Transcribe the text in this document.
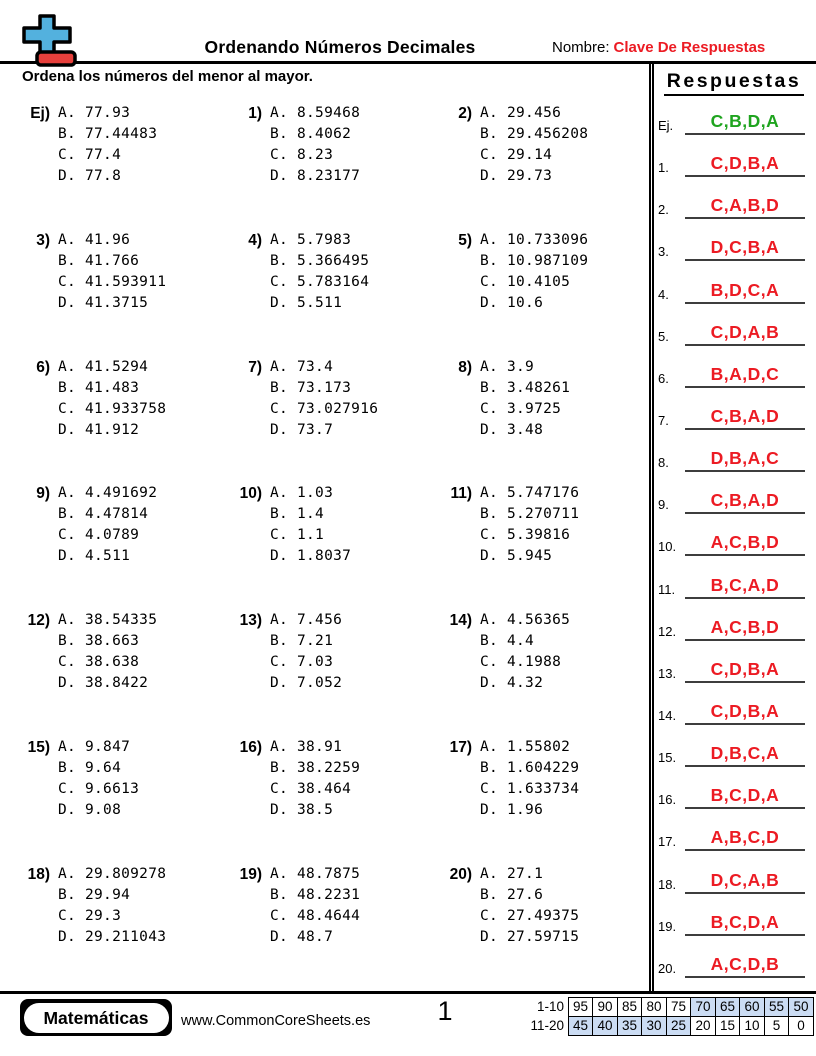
Ordenando Números Decimales	Nombre: Clave De Respuestas
Ordena los números del menor al mayor.
Ej) A. 77.93
B. 77.44483
C. 77.4
D. 77.8
1) A. 8.59468
B. 8.4062
C. 8.23
D. 8.23177
2) A. 29.456
B. 29.456208
C. 29.14
D. 29.73
3) A. 41.96
B. 41.766
C. 41.593911
D. 41.3715
4) A. 5.7983
B. 5.366495
C. 5.783164
D. 5.511
5) A. 10.733096
B. 10.987109
C. 10.4105
D. 10.6
6) A. 41.5294
B. 41.483
C. 41.933758
D. 41.912
7) A. 73.4
B. 73.173
C. 73.027916
D. 73.7
8) A. 3.9
B. 3.48261
C. 3.9725
D. 3.48
9) A. 4.491692
B. 4.47814
C. 4.0789
D. 4.511
10) A. 1.03
B. 1.4
C. 1.1
D. 1.8037
11) A. 5.747176
B. 5.270711
C. 5.39816
D. 5.945
12) A. 38.54335
B. 38.663
C. 38.638
D. 38.8422
13) A. 7.456
B. 7.21
C. 7.03
D. 7.052
14) A. 4.56365
B. 4.4
C. 4.1988
D. 4.32
15) A. 9.847
B. 9.64
C. 9.6613
D. 9.08
16) A. 38.91
B. 38.2259
C. 38.464
D. 38.5
17) A. 1.55802
B. 1.604229
C. 1.633734
D. 1.96
18) A. 29.809278
B. 29.94
C. 29.3
D. 29.211043
19) A. 48.7875
B. 48.2231
C. 48.4644
D. 48.7
20) A. 27.1
B. 27.6
C. 27.49375
D. 27.59715
Respuestas
Ej.	C,B,D,A
1.	C,D,B,A
2.	C,A,B,D
3.	D,C,B,A
4.	B,D,C,A
5.	C,D,A,B
6.	B,A,D,C
7.	C,B,A,D
8.	D,B,A,C
9.	C,B,A,D
10.	A,C,B,D
11.	B,C,A,D
12.	A,C,B,D
13.	C,D,B,A
14.	C,D,B,A
15.	D,B,C,A
16.	B,C,D,A
17.	A,B,C,D
18.	D,C,A,B
19.	B,C,D,A
20.	A,C,D,B
Matemáticas	www.CommonCoreSheets.es	1	1-10 95 90 85 80 75 70 65 60 55 50
11-20 45 40 35 30 25 20 15 10 5	0
